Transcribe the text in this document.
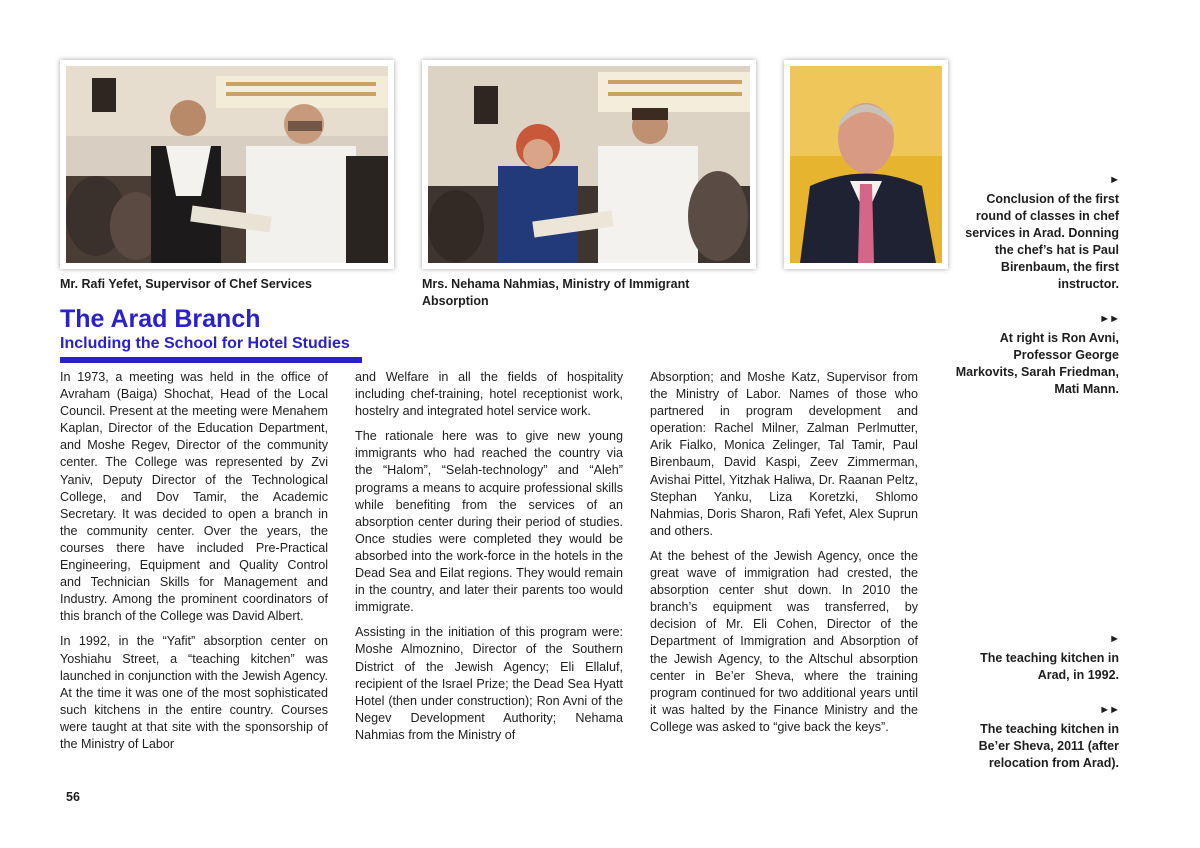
Mr. Rafi Yefet, Supervisor of Chef Services	Mrs. Nehama Nahmias, Ministry of Immigrant Absorption
The Arad Branch
Including the School for Hotel Studies

In 1973, a meeting was held in the office of Avraham (Baiga) Shochat, Head of the Local Council. Present at the meeting were Menahem Kaplan, Director of the Education Department, and Moshe Regev, Director of the community center. The College was represented by Zvi Yaniv, Deputy Director of the Technological College, and Dov Tamir, the Academic Secretary. It was decided to open a branch in the community center. Over the years, the courses there have included Pre-Practical Engineering, Equipment and Quality Control and Technician Skills for Management and Industry. Among the prominent coordinators of this branch of the College was David Albert.

In 1992, in the “Yafit” absorption center on Yoshiahu Street, a “teaching kitchen” was launched in conjunction with the Jewish Agency. At the time it was one of the most sophisticated such kitchens in the entire country. Courses were taught at that site with the sponsorship of the Ministry of Labor

and Welfare in all the fields of hospitality including chef-training, hotel receptionist work, hostelry and integrated hotel service work.

The rationale here was to give new young immigrants who had reached the country via the “Halom”, “Selah-technology” and “Aleh” programs a means to acquire professional skills while benefiting from the services of an absorption center during their period of studies. Once studies were completed they would be absorbed into the work-force in the hotels in the Dead Sea and Eilat regions. They would remain in the country, and later their parents too would immigrate.

Assisting in the initiation of this program were: Moshe Almoznino, Director of the Southern District of the Jewish Agency; Eli Ellaluf, recipient of the Israel Prize; the Dead Sea Hyatt Hotel (then under construction); Ron Avni of the Negev Development Authority; Nehama Nahmias from the Ministry of

Absorption; and Moshe Katz, Supervisor from the Ministry of Labor. Names of those who partnered in program development and operation: Rachel Milner, Zalman Perlmutter, Arik Fialko, Monica Zelinger, Tal Tamir, Paul Birenbaum, David Kaspi, Zeev Zimmerman, Avishai Pittel, Yitzhak Haliwa, Dr. Raanan Peltz, Stephan Yanku, Liza Koretzki, Shlomo Nahmias, Doris Sharon, Rafi Yefet, Alex Suprun and others.

At the behest of the Jewish Agency, once the great wave of immigration had crested, the absorption center shut down. In 2010 the branch’s equipment was transferred, by decision of Mr. Eli Cohen, Director of the Department of Immigration and Absorption of the Jewish Agency, to the Altschul absorption center in Be’er Sheva, where the training program continued for two additional years until it was halted by the Finance Ministry and the College was asked to “give back the keys”.

►
Conclusion of the first round of classes in chef services in Arad. Donning the chef’s hat is Paul Birenbaum, the first instructor.
►►
At right is Ron Avni, Professor George Markovits, Sarah Friedman, Mati Mann.
►
The teaching kitchen in Arad, in 1992.
►►
The teaching kitchen in Be’er Sheva, 2011 (after relocation from Arad).
56
